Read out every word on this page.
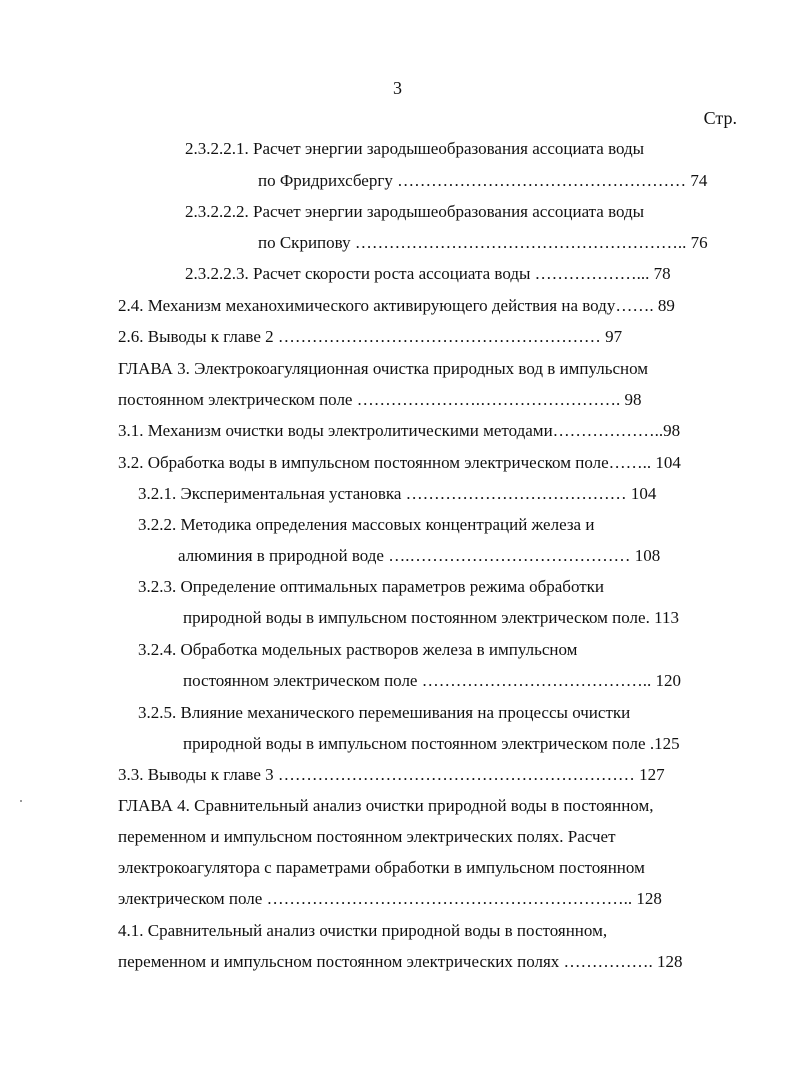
3
Стр.
2.3.2.2.1. Расчет энергии зародышеобразования ассоциата воды
по Фридрихсбергу …………………………………………… 74
2.3.2.2.2. Расчет энергии зародышеобразования ассоциата воды
по Скрипову ………………………………………………….. 76
2.3.2.2.3. Расчет скорости роста ассоциата воды ………………... 78
2.4. Механизм механохимического активирующего действия на воду……. 89
2.6. Выводы к главе 2 ………………………………………………… 97
ГЛАВА 3. Электрокоагуляционная очистка природных вод в импульсном
постоянном электрическом поле ………………….……………………. 98
3.1. Механизм очистки воды электролитическими методами………………..98
3.2. Обработка воды в импульсном постоянном электрическом поле…….. 104
3.2.1. Экспериментальная установка ………………………………… 104
3.2.2. Методика определения массовых концентраций железа и
алюминия в природной воде ….………………………………… 108
3.2.3. Определение оптимальных параметров режима обработки
природной воды в импульсном постоянном электрическом поле. 113
3.2.4. Обработка модельных растворов железа в импульсном
постоянном электрическом поле ………………………………….. 120
3.2.5. Влияние механического перемешивания на процессы очистки
природной воды в импульсном постоянном электрическом поле .125
3.3. Выводы к главе 3 ……………………………………………………… 127
ГЛАВА 4. Сравнительный анализ очистки природной воды в постоянном,
переменном и импульсном постоянном электрических полях. Расчет
электрокоагулятора с параметрами обработки в импульсном постоянном
электрическом поле ……………………………………………………….. 128
4.1. Сравнительный анализ очистки природной воды в постоянном,
переменном и импульсном постоянном электрических полях ……………. 128
